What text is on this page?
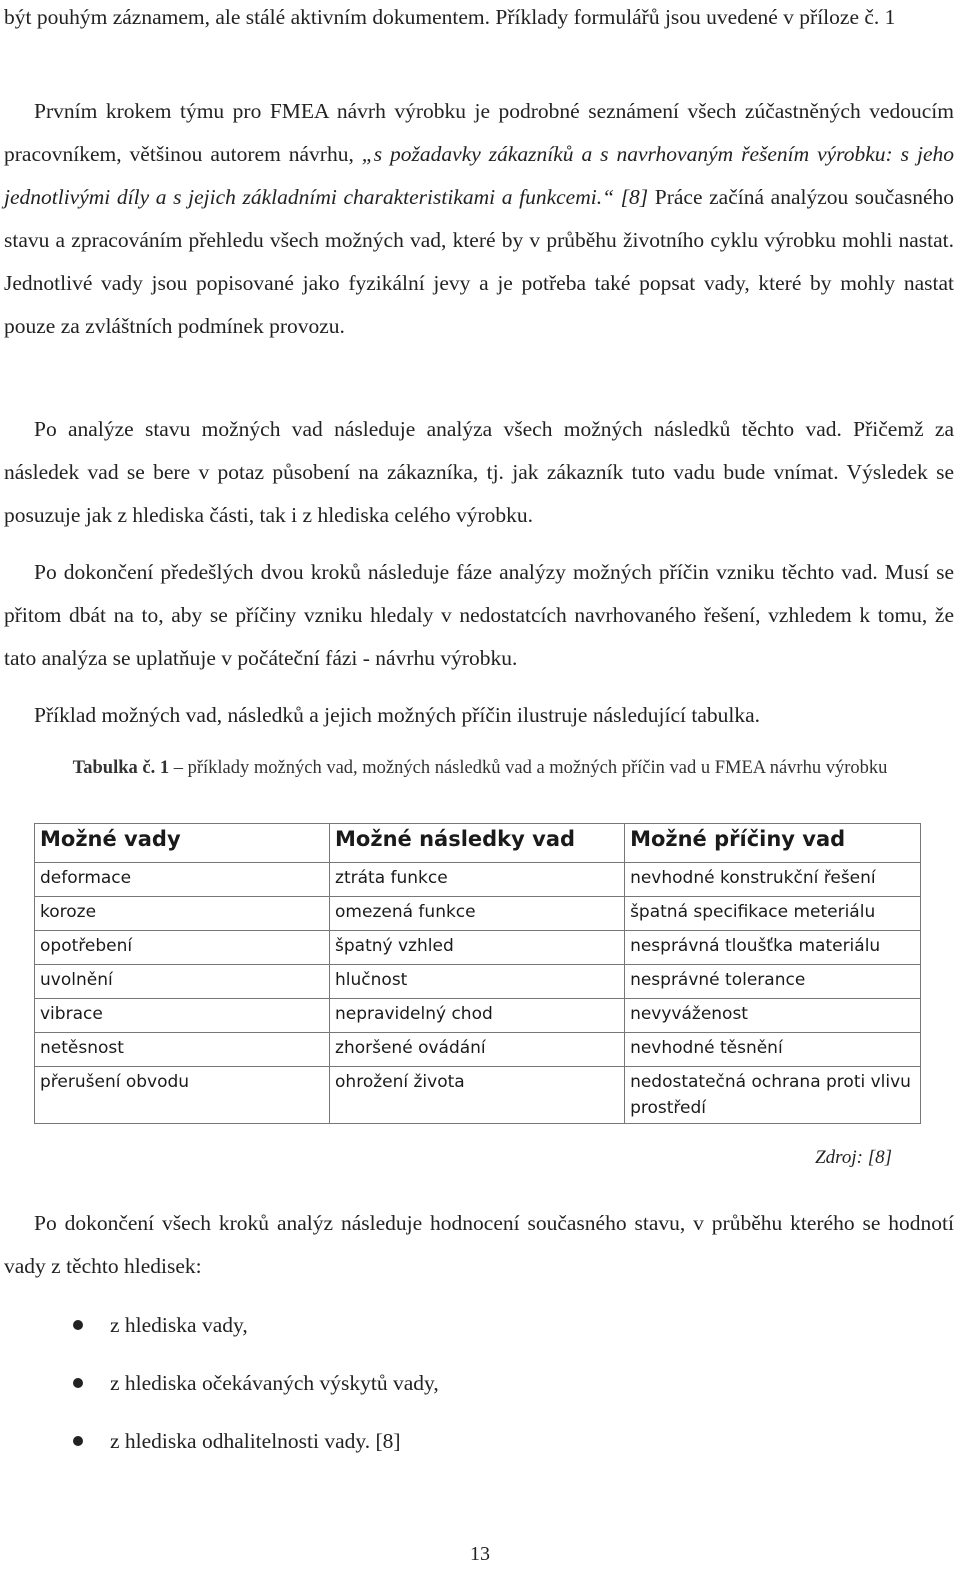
být pouhým záznamem, ale stálé aktivním dokumentem. Příklady formulářů jsou uvedené v příloze č. 1

Prvním krokem týmu pro FMEA návrh výrobku je podrobné seznámení všech zúčastněných vedoucím pracovníkem, většinou autorem návrhu, „s požadavky zákazníků a s navrhovaným řešením výrobku: s jeho jednotlivými díly a s jejich základními charakteristikami a funkcemi.“ [8] Práce začíná analýzou současného stavu a zpracováním přehledu všech možných vad, které by v průběhu životního cyklu výrobku mohli nastat. Jednotlivé vady jsou popisované jako fyzikální jevy a je potřeba také popsat vady, které by mohly nastat pouze za zvláštních podmínek provozu.

Po analýze stavu možných vad následuje analýza všech možných následků těchto vad. Přičemž za následek vad se bere v potaz působení na zákazníka, tj. jak zákazník tuto vadu bude vnímat. Výsledek se posuzuje jak z hlediska části, tak i z hlediska celého výrobku.

Po dokončení předešlých dvou kroků následuje fáze analýzy možných příčin vzniku těchto vad. Musí se přitom dbát na to, aby se příčiny vzniku hledaly v nedostatcích navrhovaného řešení, vzhledem k tomu, že tato analýza se uplatňuje v počáteční fázi - návrhu výrobku.

Příklad možných vad, následků a jejich možných příčin ilustruje následující tabulka.

Tabulka č. 1 – příklady možných vad, možných následků vad a možných příčin vad u FMEA návrhu výrobku
Možné vady	Možné následky vad	Možné příčiny vad
deformace	ztráta funkce	nevhodné konstrukční řešení
koroze	omezená funkce	špatná specifikace meteriálu
opotřebení	špatný vzhled	nesprávná tloušťka materiálu
uvolnění	hlučnost	nesprávné tolerance
vibrace	nepravidelný chod	nevyváženost
netěsnost	zhoršené ovádání	nevhodné těsnění
přerušení obvodu	ohrožení života	nedostatečná ochrana proti vlivu prostředí
Zdroj: [8]

Po dokončení všech kroků analýz následuje hodnocení současného stavu, v průběhu kterého se hodnotí vady z těchto hledisek:

z hlediska vady,
z hlediska očekávaných výskytů vady,
z hlediska odhalitelnosti vady. [8]
13
